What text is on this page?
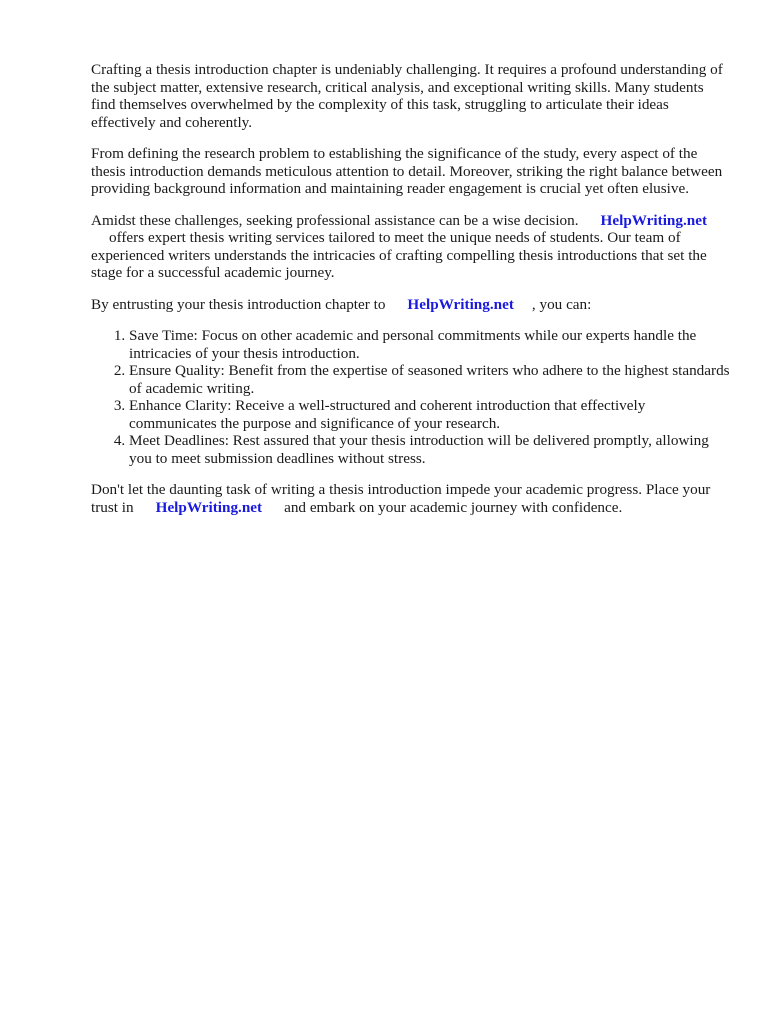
Crafting a thesis introduction chapter is undeniably challenging. It requires a profound understanding of the subject matter, extensive research, critical analysis, and exceptional writing skills. Many students find themselves overwhelmed by the complexity of this task, struggling to articulate their ideas effectively and coherently.

From defining the research problem to establishing the significance of the study, every aspect of the thesis introduction demands meticulous attention to detail. Moreover, striking the right balance between providing background information and maintaining reader engagement is crucial yet often elusive.

Amidst these challenges, seeking professional assistance can be a wise decision. HelpWriting.net
offers expert thesis writing services tailored to meet the unique needs of students. Our team of experienced writers understands the intricacies of crafting compelling thesis introductions that set the stage for a successful academic journey.

By entrusting your thesis introduction chapter to HelpWriting.net , you can:

1. Save Time: Focus on other academic and personal commitments while our experts handle the intricacies of your thesis introduction.
2. Ensure Quality: Benefit from the expertise of seasoned writers who adhere to the highest standards of academic writing.
3. Enhance Clarity: Receive a well-structured and coherent introduction that effectively communicates the purpose and significance of your research.
4. Meet Deadlines: Rest assured that your thesis introduction will be delivered promptly, allowing you to meet submission deadlines without stress.

Don't let the daunting task of writing a thesis introduction impede your academic progress. Place your trust in HelpWriting.net and embark on your academic journey with confidence.
